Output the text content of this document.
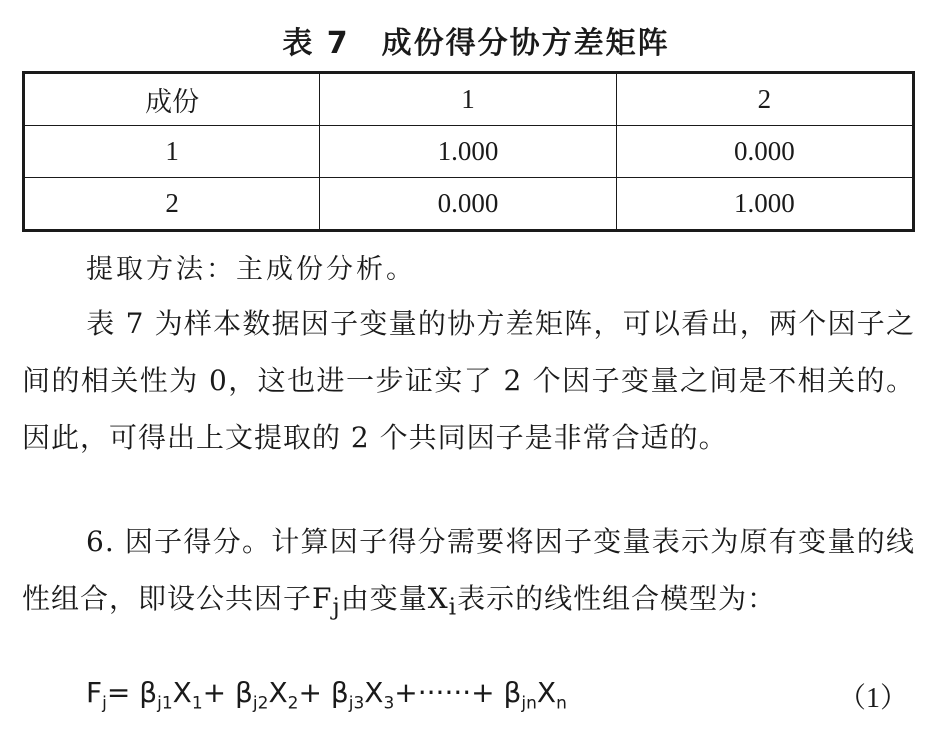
表 7　成份得分协方差矩阵
成份	1	2
1	1.000	0.000
2	0.000	1.000
提取方法：主成份分析。
表 7 为样本数据因子变量的协方差矩阵，可以看出，两个因子之间的相关性为 0，这也进一步证实了 2 个因子变量之间是不相关的。因此，可得出上文提取的 2 个共同因子是非常合适的。
6. 因子得分。计算因子得分需要将因子变量表示为原有变量的线性组合，即设公共因子$F_j$由变量$X_i$表示的线性组合模型为：
$F_j= \beta_{j1}X_1+ \beta_{j2}X_2+ \beta_{j3}X_3+\cdot\cdot\cdot\cdot\cdot\cdot+ \beta_{jn}X_n$	（1）
